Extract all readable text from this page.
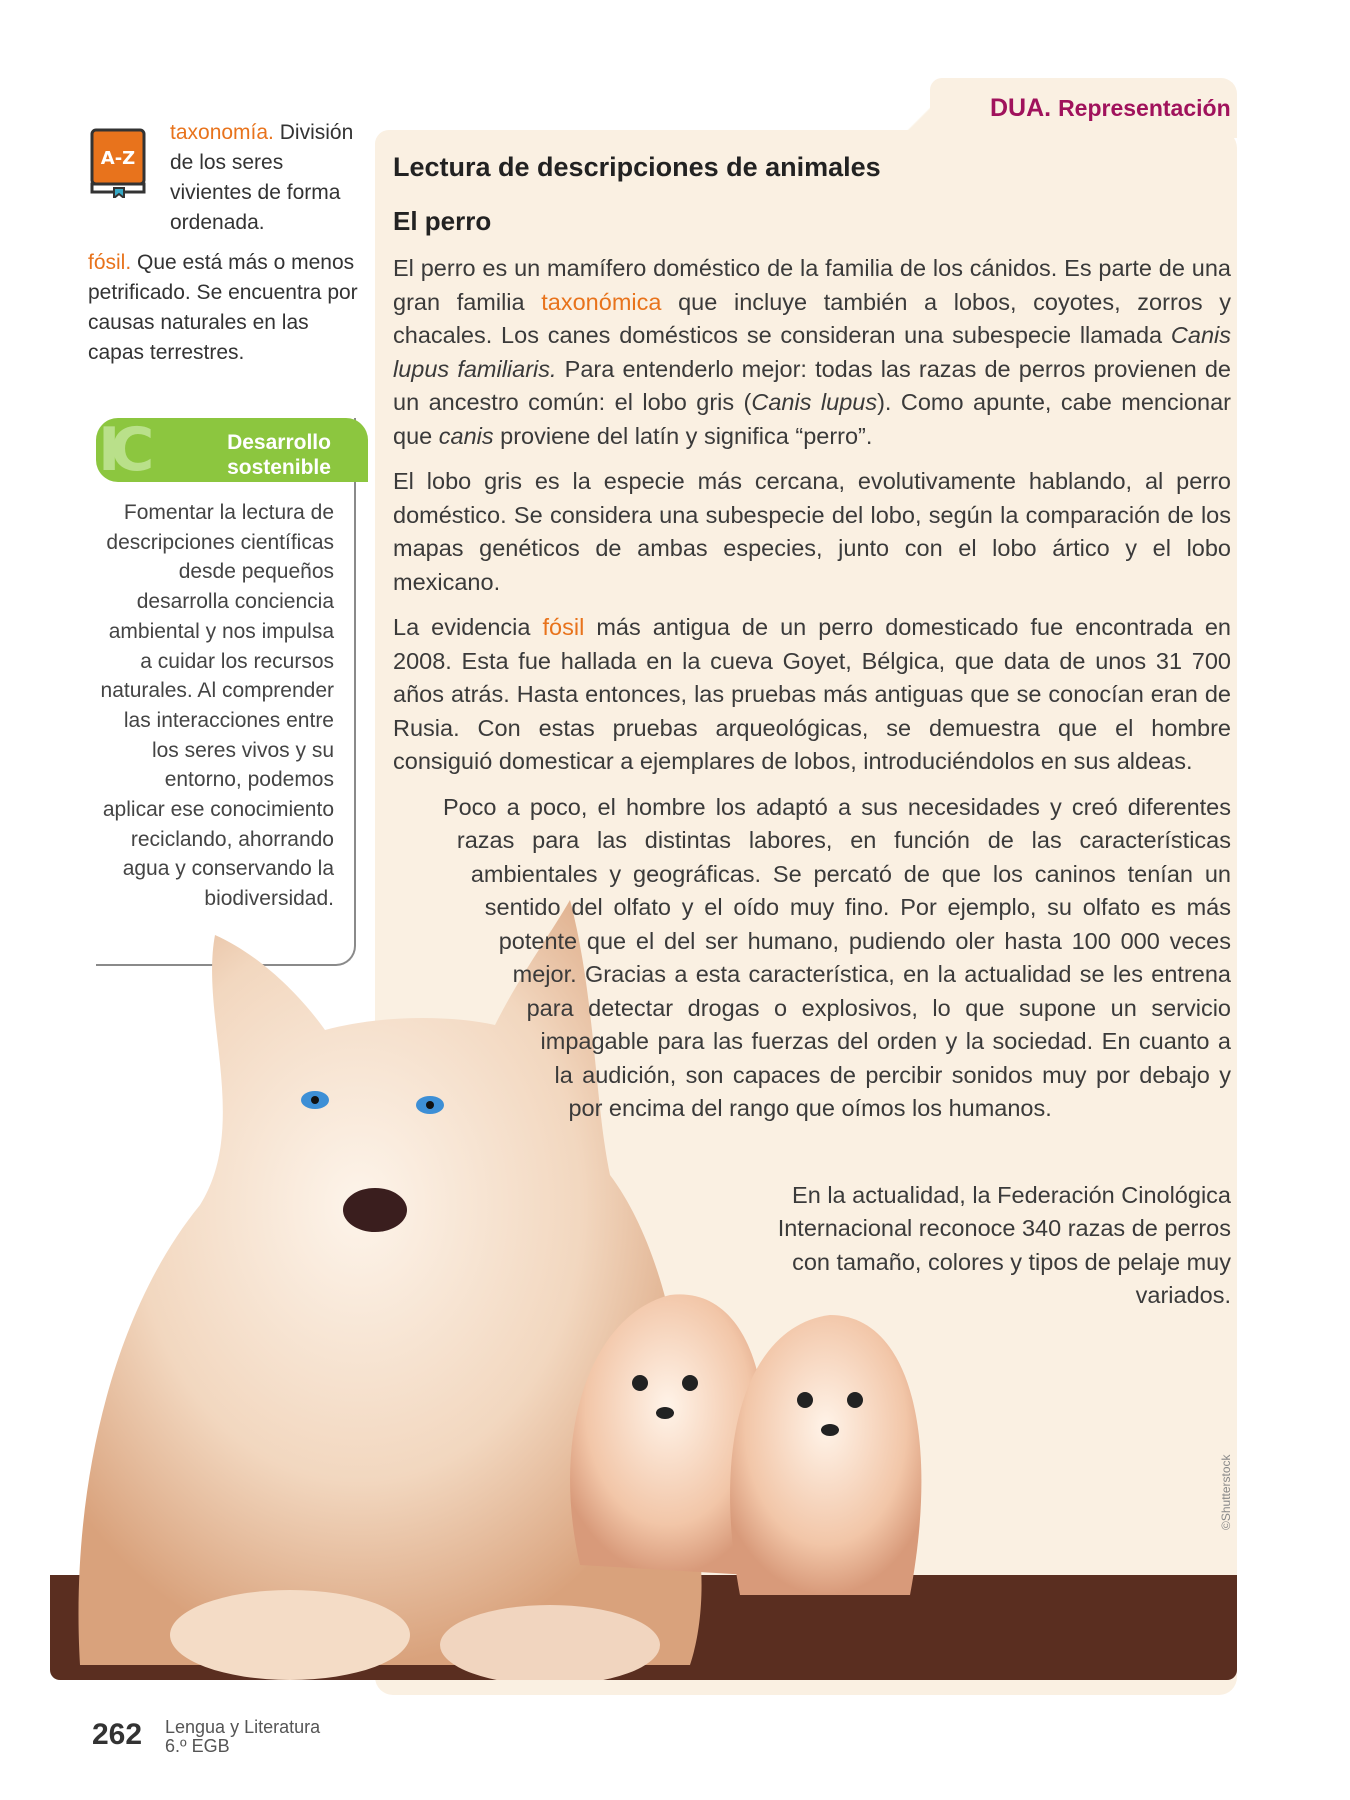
A-Z
taxonomía. División de los seres vivientes de forma ordenada.
fósil. Que está más o menos petrificado. Se encuentra por causas naturales en las capas terrestres.
IC	Desarrollo
sostenible
Fomentar la lectura de descripciones científicas desde pequeños desarrolla conciencia ambiental y nos impulsa a cuidar los recursos naturales. Al comprender las interacciones entre los seres vivos y su entorno, podemos aplicar ese conocimiento reciclando, ahorrando agua y conservando la biodiversidad.
DUA. Representación
Lectura de descripciones de animales
El perro

El perro es un mamífero doméstico de la familia de los cánidos. Es parte de una gran familia taxonómica que incluye también a lobos, coyotes, zorros y chacales. Los canes domésticos se consideran una subespecie llamada Canis lupus familiaris. Para entenderlo mejor: todas las razas de perros provienen de un ancestro común: el lobo gris (Canis lupus). Como apunte, cabe mencionar que canis proviene del latín y significa “perro”.

El lobo gris es la especie más cercana, evolutivamente hablando, al perro doméstico. Se considera una subespecie del lobo, según la comparación de los mapas genéticos de ambas especies, junto con el lobo ártico y el lobo mexicano.

La evidencia fósil más antigua de un perro domesticado fue encontrada en 2008. Esta fue hallada en la cueva Goyet, Bélgica, que data de unos 31 700 años atrás. Hasta entonces, las pruebas más antiguas que se conocían eran de Rusia. Con estas pruebas arqueológicas, se demuestra que el hombre consiguió domesticar a ejemplares de lobos, introduciéndolos en sus aldeas.

Poco a poco, el hombre los adaptó a sus necesidades y creó diferentes razas para las distintas labores, en función de las características ambientales y geográficas. Se percató de que los caninos tenían un sentido del olfato y el oído muy fino. Por ejemplo, su olfato es más potente que el del ser humano, pudiendo oler hasta 100 000 veces mejor. Gracias a esta característica, en la actualidad se les entrena para detectar drogas o explosivos, lo que supone un servicio impagable para las fuerzas del orden y la sociedad. En cuanto a la audición, son capaces de percibir sonidos muy por debajo y por encima del rango que oímos los humanos.

En la actualidad, la Federación Cinológica Internacional reconoce 340 razas de perros con tamaño, colores y tipos de pelaje muy variados.

©Shutterstock
262 Lengua y Literatura
6.º EGB
